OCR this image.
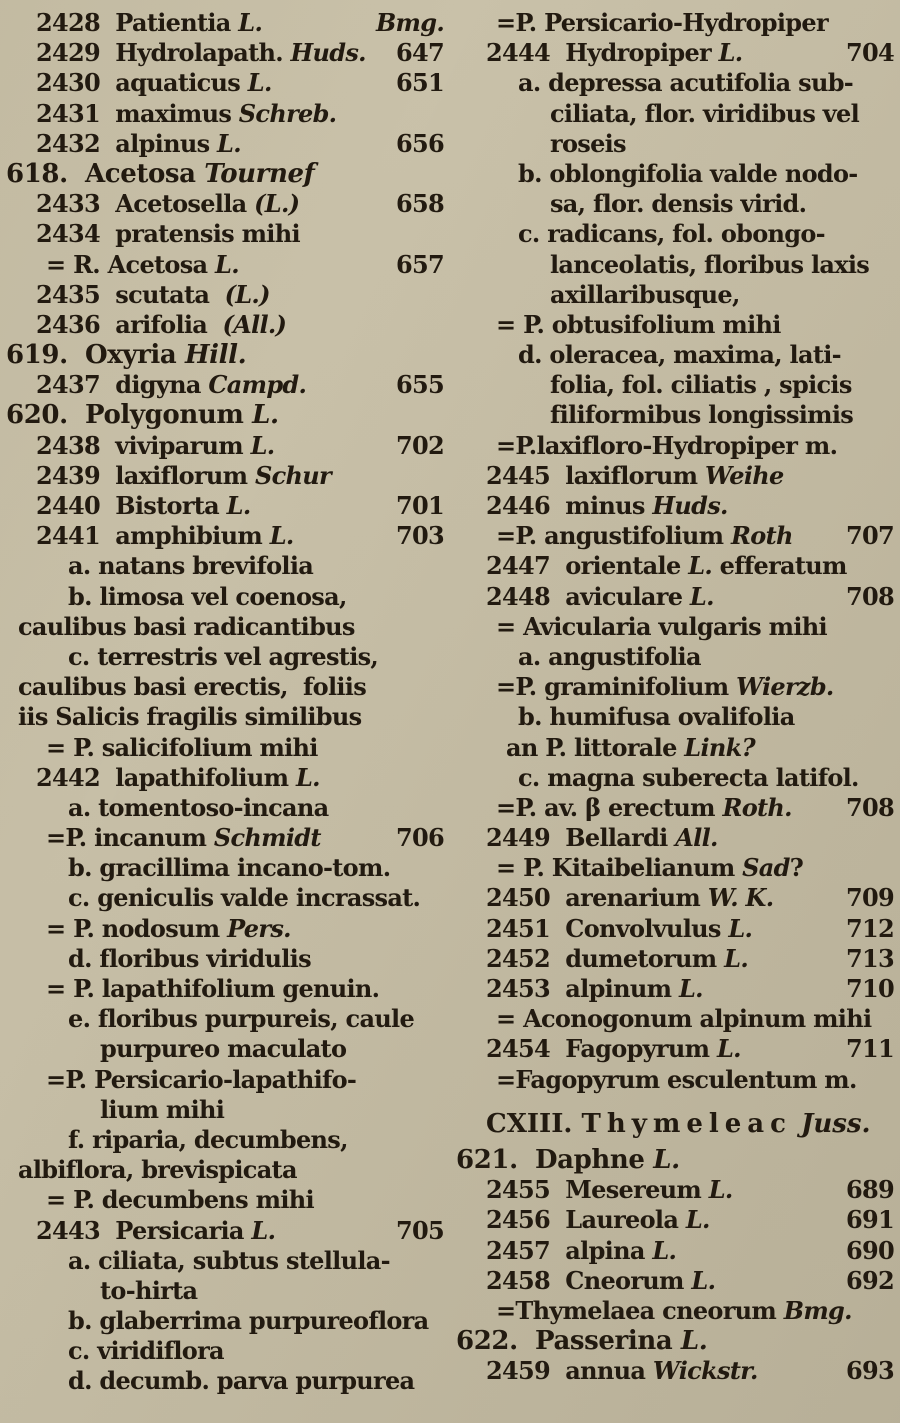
2428  Patientia L.	Bmg.
2429  Hydrolapath. Huds. 647
2430  aquaticus L.	651
2431  maximus Schreb.
2432  alpinus L.	656
618.  Acetosa Tournef
2433  Acetosella (L.)	658
2434  pratensis mihi
= R. Acetosa L.	657
2435  scutata  (L.)
2436  arifolia  (All.)
619.  Oxyria Hill.
2437  digyna Campd.	655
620.  Polygonum L.
2438  viviparum L.	702
2439  laxiflorum Schur
2440  Bistorta L.	701
2441  amphibium L.	703
a. natans brevifolia
b. limosa vel coenosa,
caulibus basi radicantibus
c. terrestris vel agrestis,
caulibus basi erectis,  foliis
iis Salicis fragilis similibus
= P. salicifolium mihi
2442  lapathifolium L.
a. tomentoso-incana
=P. incanum Schmidt	706
b. gracillima incano-tom.
c. geniculis valde incrassat.
= P. nodosum Pers.
d. floribus viridulis
= P. lapathifolium genuin.
e. floribus purpureis, caule
purpureo maculato
=P. Persicario-lapathifo-
lium mihi
f. riparia, decumbens,
albiflora, brevispicata
= P. decumbens mihi
2443  Persicaria L.	705
a. ciliata, subtus stellula-
to-hirta
b. glaberrima purpureoflora
c. viridiflora
d. decumb. parva purpurea
=P. Persicario-Hydropiper
2444  Hydropiper L.	704
a. depressa acutifolia sub-
ciliata, flor. viridibus vel
roseis
b. oblongifolia valde nodo-
sa, flor. densis virid.
c. radicans, fol. obongo-
lanceolatis, floribus laxis
axillaribusque,
= P. obtusifolium mihi
d. oleracea, maxima, lati-
folia, fol. ciliatis , spicis
filiformibus longissimis
=P.laxifloro-Hydropiper m.
2445  laxiflorum Weihe
2446  minus Huds.
=P. angustifolium Roth 707
2447  orientale L. efferatum
2448  aviculare L.	708
= Avicularia vulgaris mihi
a. angustifolia
=P. graminifolium Wierzb.
b. humifusa ovalifolia
an P. littorale Link?
c. magna suberecta latifol.
=P. av. β erectum Roth. 708
2449  Bellardi All.
= P. Kitaibelianum Sad?
2450  arenarium W. K.	709
2451  Convolvulus L.	712
2452  dumetorum L.	713
2453  alpinum L.	710
= Aconogonum alpinum mihi
2454  Fagopyrum L.	711
=Fagopyrum esculentum m.
CXIII. Thymeleac Juss.
621.  Daphne L.
2455  Mesereum L.	689
2456  Laureola L.	691
2457  alpina L.	690
2458  Cneorum L.	692
=Thymelaea cneorum Bmg.
622.  Passerina L.
2459  annua Wickstr.	693
